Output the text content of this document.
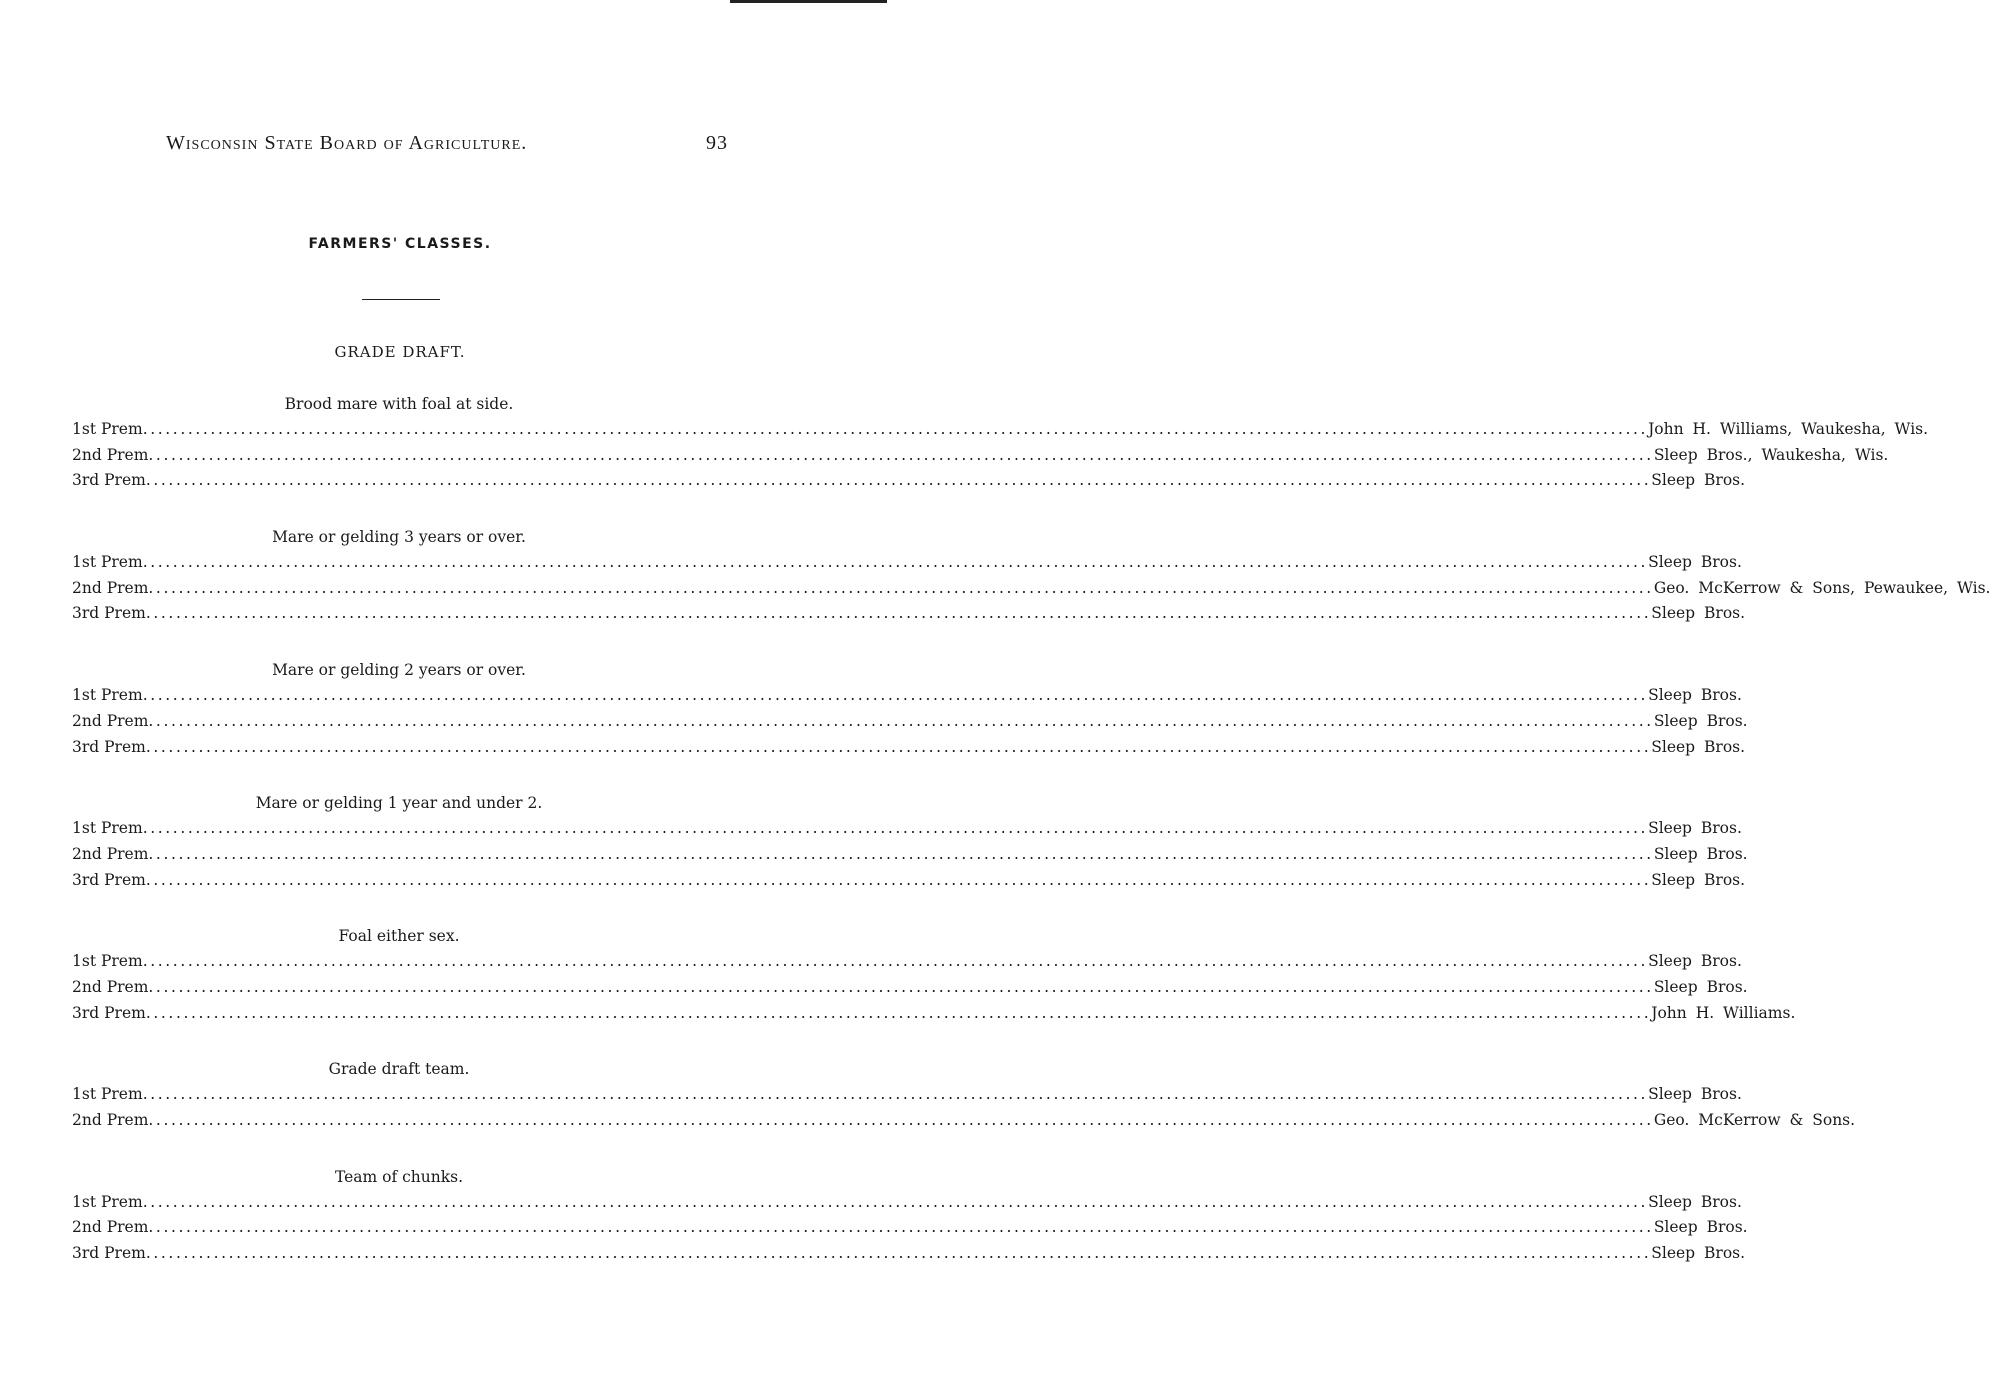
Wisconsin State Board of Agriculture.	93
FARMERS' CLASSES.
GRADE DRAFT.
Brood mare with foal at side.
1st Prem ........................................................................................................................................................................................................ John H. Williams, Waukesha, Wis.
2nd Prem ........................................................................................................................................................................................................ Sleep Bros., Waukesha, Wis.
3rd Prem ........................................................................................................................................................................................................ Sleep Bros.
Mare or gelding 3 years or over.
1st Prem ........................................................................................................................................................................................................ Sleep Bros.
2nd Prem ........................................................................................................................................................................................................ Geo. McKerrow & Sons, Pewaukee, Wis.
3rd Prem ........................................................................................................................................................................................................ Sleep Bros.
Mare or gelding 2 years or over.
1st Prem ........................................................................................................................................................................................................ Sleep Bros.
2nd Prem ........................................................................................................................................................................................................ Sleep Bros.
3rd Prem ........................................................................................................................................................................................................ Sleep Bros.
Mare or gelding 1 year and under 2.
1st Prem ........................................................................................................................................................................................................ Sleep Bros.
2nd Prem ........................................................................................................................................................................................................ Sleep Bros.
3rd Prem ........................................................................................................................................................................................................ Sleep Bros.
Foal either sex.
1st Prem ........................................................................................................................................................................................................ Sleep Bros.
2nd Prem ........................................................................................................................................................................................................ Sleep Bros.
3rd Prem ........................................................................................................................................................................................................ John H. Williams.
Grade draft team.
1st Prem ........................................................................................................................................................................................................ Sleep Bros.
2nd Prem ........................................................................................................................................................................................................ Geo. McKerrow & Sons.
Team of chunks.
1st Prem ........................................................................................................................................................................................................ Sleep Bros.
2nd Prem ........................................................................................................................................................................................................ Sleep Bros.
3rd Prem ........................................................................................................................................................................................................ Sleep Bros.
